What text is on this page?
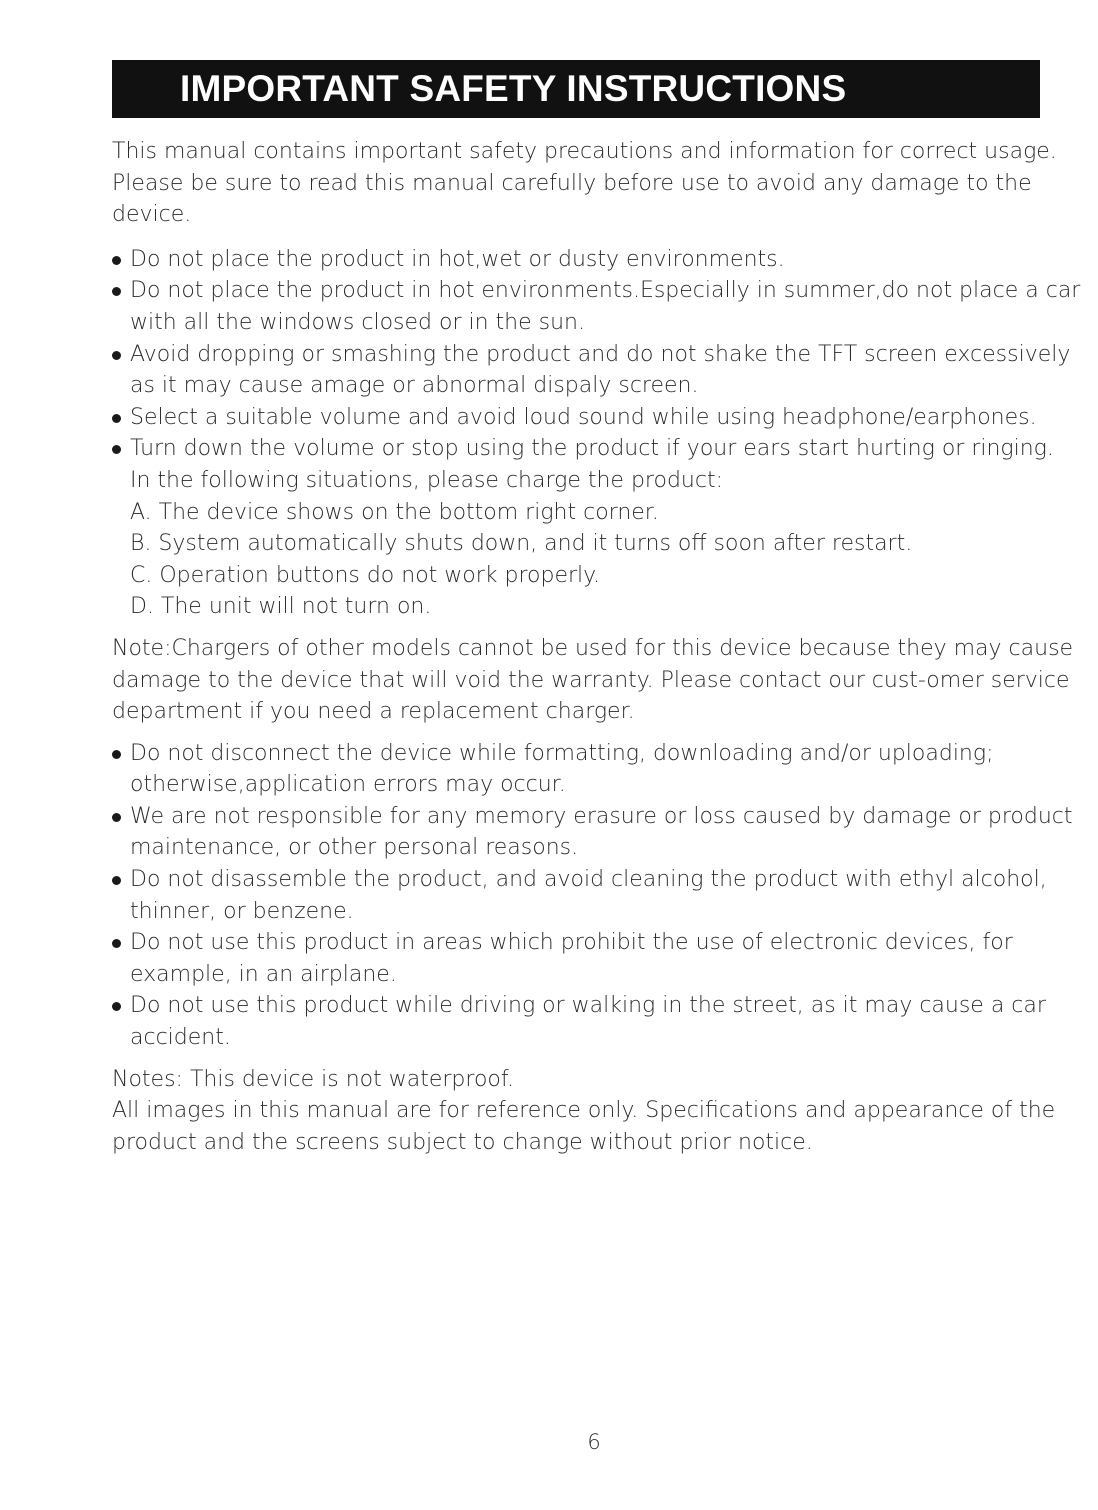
IMPORTANT SAFETY INSTRUCTIONS

This manual contains important safety precautions and information for correct usage.

Please be sure to read this manual carefully before use to avoid any damage to the device.

Do not place the product in hot,wet or dusty environments.
Do not place the product in hot environments.Especially in summer,do not place a car with all the windows closed or in the sun.
Avoid dropping or smashing the product and do not shake the TFT screen excessively as it may cause amage or abnormal dispaly screen.
Select a suitable volume and avoid loud sound while using headphone/earphones.
Turn down the volume or stop using the product if your ears start hurting or ringing.

In the following situations, please charge the product:

A. The device shows on the bottom right corner.

B. System automatically shuts down, and it turns off soon after restart.

C. Operation buttons do not work properly.

D. The unit will not turn on.

Note:Chargers of other models cannot be used for this device because they may cause damage to the device that will void the warranty. Please contact our cust-omer service department if you need a replacement charger.

Do not disconnect the device while formatting, downloading and/or uploading; otherwise,application errors may occur.
We are not responsible for any memory erasure or loss caused by damage or product maintenance, or other personal reasons.
Do not disassemble the product, and avoid cleaning the product with ethyl alcohol, thinner, or benzene.
Do not use this product in areas which prohibit the use of electronic devices, for example, in an airplane.
Do not use this product while driving or walking in the street, as it may cause a car accident.

Notes: This device is not waterproof.

All images in this manual are for reference only. Specifications and appearance of the product and the screens subject to change without prior notice.

6
